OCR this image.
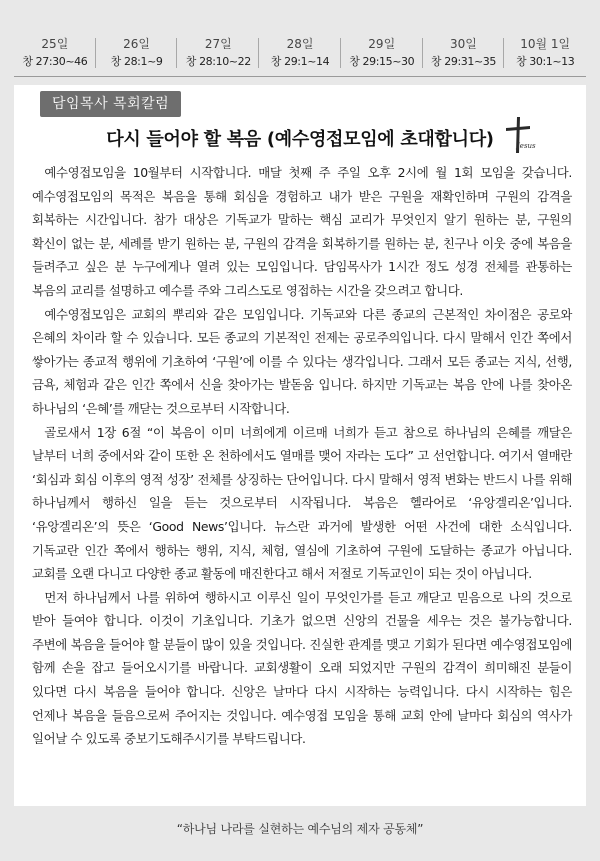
25일
창 27:30~46
26일
창 28:1~9
27일
창 28:10~22
28일
창 29:1~14
29일
창 29:15~30
30일
창 29:31~35
10월 1일
창 30:1~13
담임목사 목회칼럼
다시 들어야 할 복음 (예수영접모임에 초대합니다)	Jesus

예수영접모임을 10월부터 시작합니다. 매달 첫째 주 주일 오후 2시에 월 1회 모임을 갖습니다. 예수영접모임의 목적은 복음을 통해 회심을 경험하고 내가 받은 구원을 재확인하며 구원의 감격을 회복하는 시간입니다. 참가 대상은 기독교가 말하는 핵심 교리가 무엇인지 알기 원하는 분, 구원의 확신이 없는 분, 세례를 받기 원하는 분, 구원의 감격을 회복하기를 원하는 분, 친구나 이웃 중에 복음을 들려주고 싶은 분 누구에게나 열려 있는 모임입니다. 담임목사가 1시간 정도 성경 전체를 관통하는 복음의 교리를 설명하고 예수를 주와 그리스도로 영접하는 시간을 갖으려고 합니다.

예수영접모임은 교회의 뿌리와 같은 모임입니다. 기독교와 다른 종교의 근본적인 차이점은 공로와 은혜의 차이라 할 수 있습니다. 모든 종교의 기본적인 전제는 공로주의입니다. 다시 말해서 인간 쪽에서 쌓아가는 종교적 행위에 기초하여 ‘구원’에 이를 수 있다는 생각입니다. 그래서 모든 종교는 지식, 선행, 금욕, 체험과 같은 인간 쪽에서 신을 찾아가는 발돋움 입니다. 하지만 기독교는 복음 안에 나를 찾아온 하나님의 ‘은혜’를 깨닫는 것으로부터 시작합니다.

골로새서 1장 6절 “이 복음이 이미 너희에게 이르매 너희가 듣고 참으로 하나님의 은혜를 깨달은 날부터 너희 중에서와 같이 또한 온 천하에서도 열매를 맺어 자라는 도다” 고 선언합니다. 여기서 열매란 ‘회심과 회심 이후의 영적 성장’ 전체를 상징하는 단어입니다. 다시 말해서 영적 변화는 반드시 나를 위해 하나님께서 행하신 일을 듣는 것으로부터 시작됩니다. 복음은 헬라어로 ‘유앙겔리온’입니다. ‘유앙겔리온’의 뜻은 ‘Good News’입니다. 뉴스란 과거에 발생한 어떤 사건에 대한 소식입니다. 기독교란 인간 쪽에서 행하는 행위, 지식, 체험, 열심에 기초하여 구원에 도달하는 종교가 아닙니다. 교회를 오랜 다니고 다양한 종교 활동에 매진한다고 해서 저절로 기독교인이 되는 것이 아닙니다.

먼저 하나님께서 나를 위하여 행하시고 이루신 일이 무엇인가를 듣고 깨닫고 믿음으로 나의 것으로 받아 들여야 합니다. 이것이 기초입니다. 기초가 없으면 신앙의 건물을 세우는 것은 불가능합니다. 주변에 복음을 들어야 할 분들이 많이 있을 것입니다. 진실한 관계를 맺고 기회가 된다면 예수영접모임에 함께 손을 잡고 들어오시기를 바랍니다. 교회생활이 오래 되었지만 구원의 감격이 희미해진 분들이 있다면 다시 복음을 들어야 합니다. 신앙은 날마다 다시 시작하는 능력입니다. 다시 시작하는 힘은 언제나 복음을 들음으로써 주어지는 것입니다. 예수영접 모임을 통해 교회 안에 날마다 회심의 역사가 일어날 수 있도록 중보기도해주시기를 부탁드립니다.

“하나님 나라를 실현하는 예수님의 제자 공동체”
